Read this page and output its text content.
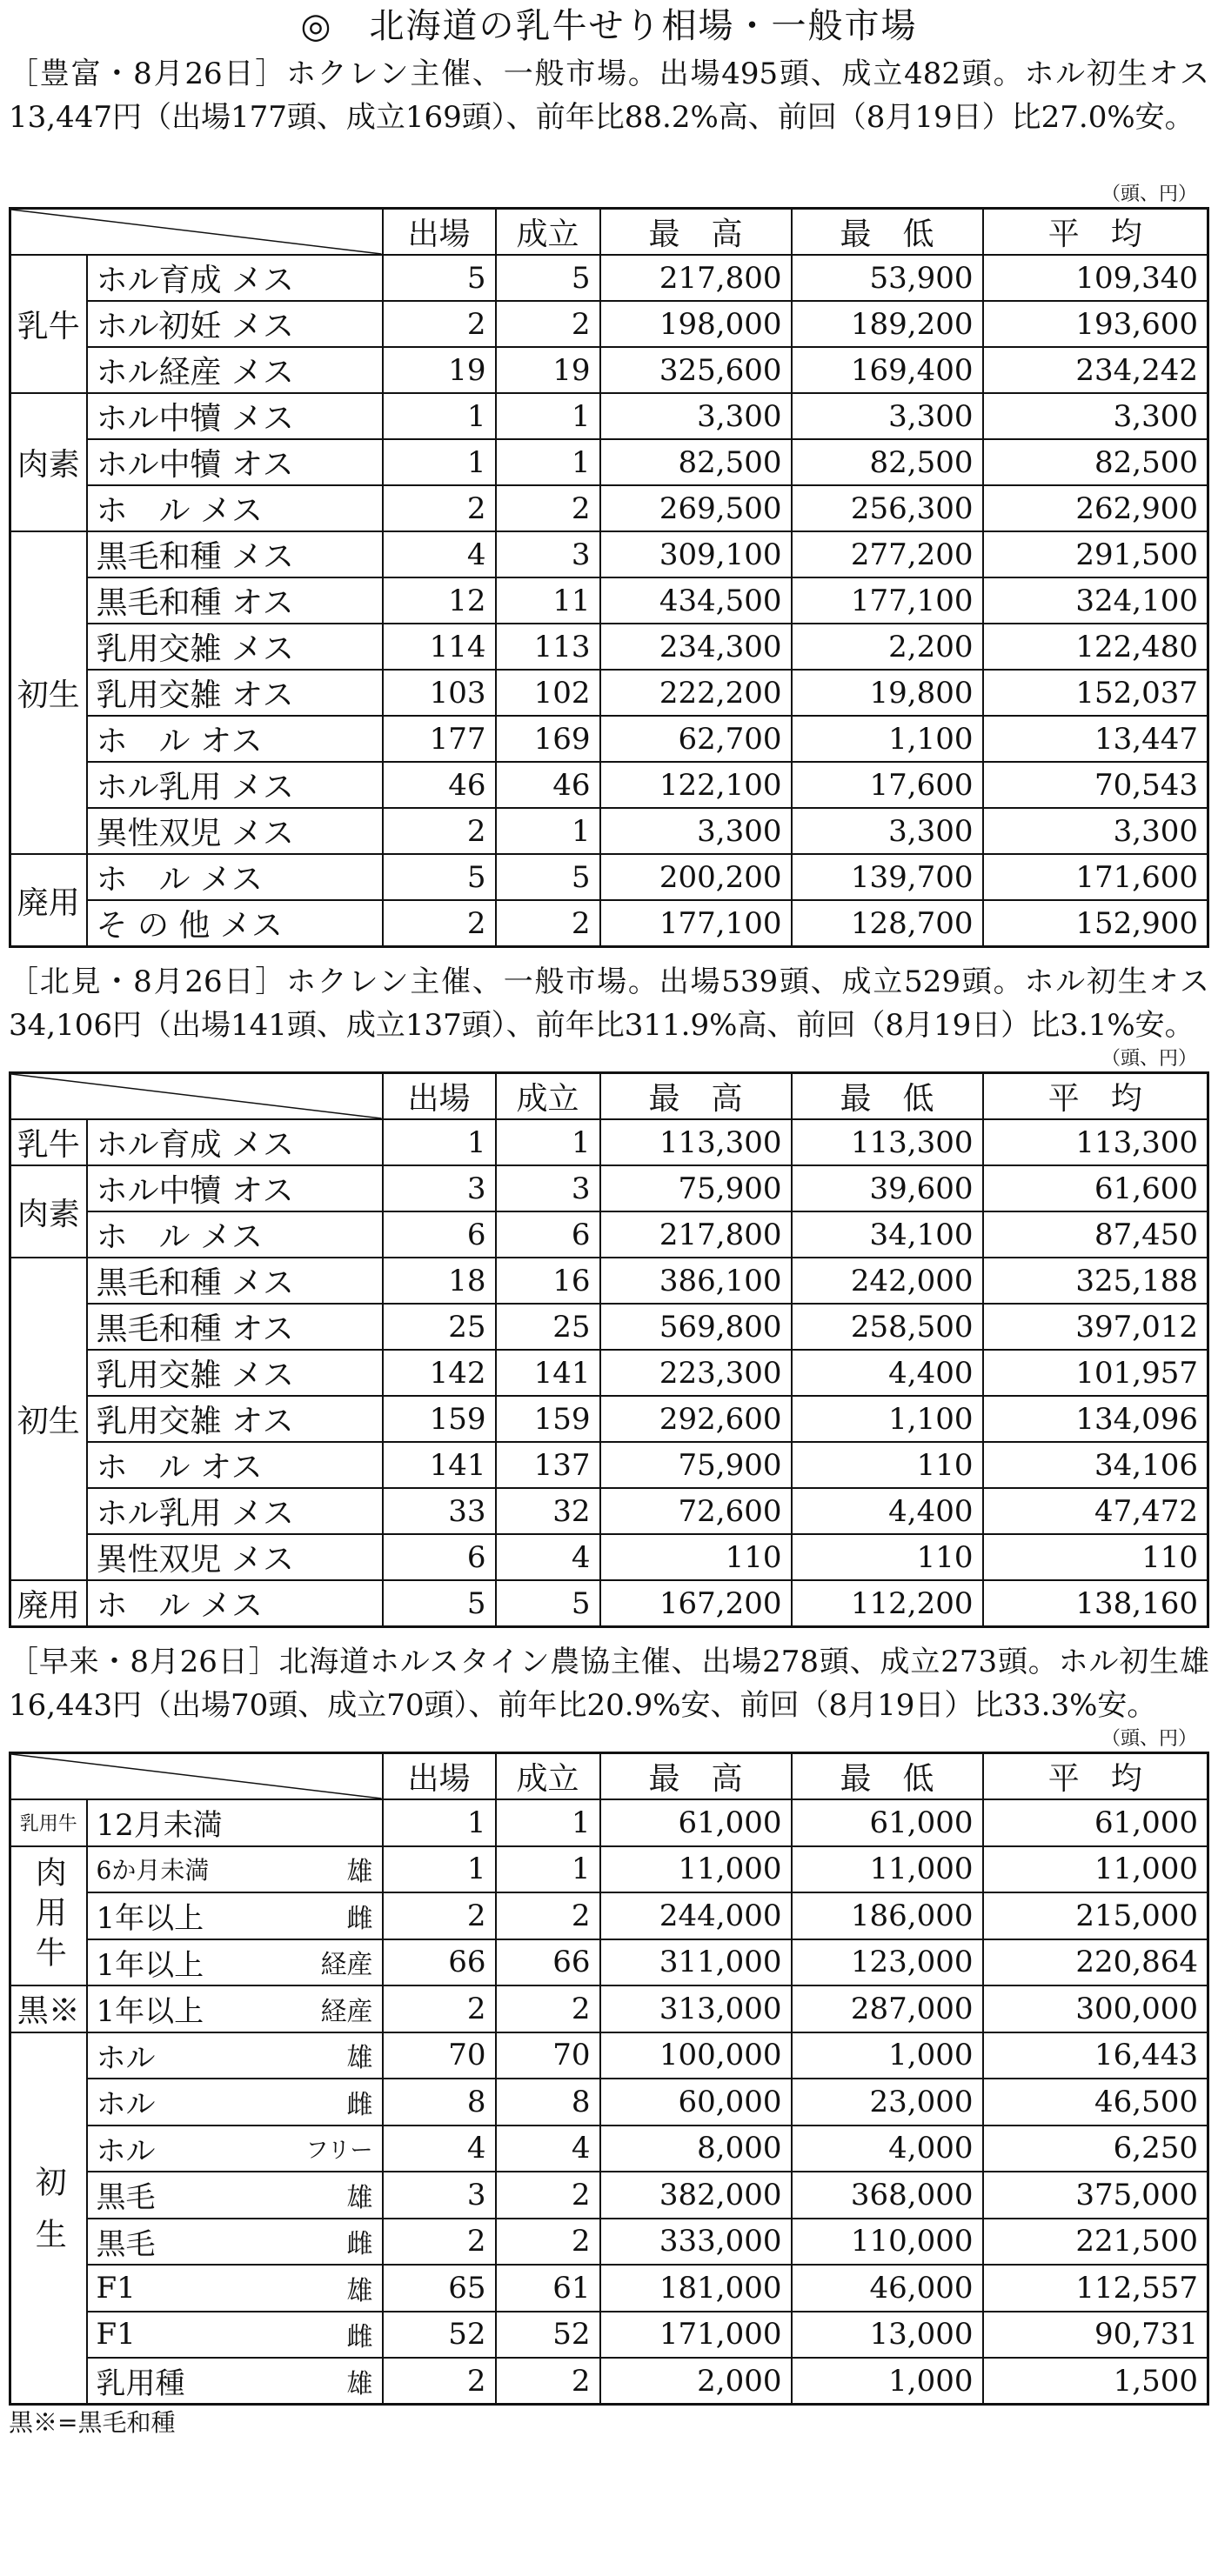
◎　北海道の乳牛せり相場・一般市場

［豊富・8月26日］ホクレン主催、一般市場。出場495頭、成立482頭。ホル初生オス13,447円（出場177頭、成立169頭）、前年比88.2%高、前回（8月19日）比27.0%安。

（頭、円）
	出場	成立	最　高	最　低	平　均
乳牛	ホル育成 メス	5	5	217,800	53,900	109,340
	ホル初妊 メス	2	2	198,000	189,200	193,600
	ホル経産 メス	19	19	325,600	169,400	234,242
肉素	ホル中犢 メス	1	1	3,300	3,300	3,300
	ホル中犢 オス	1	1	82,500	82,500	82,500
	ホ　ル メス	2	2	269,500	256,300	262,900
初生	黒毛和種 メス	4	3	309,100	277,200	291,500
	黒毛和種 オス	12	11	434,500	177,100	324,100
	乳用交雑 メス	114	113	234,300	2,200	122,480
	乳用交雑 オス	103	102	222,200	19,800	152,037
	ホ　ル オス	177	169	62,700	1,100	13,447
	ホル乳用 メス	46	46	122,100	17,600	70,543
	異性双児 メス	2	1	3,300	3,300	3,300
廃用	ホ　ル メス	5	5	200,200	139,700	171,600
	そ の 他 メス	2	2	177,100	128,700	152,900

［北見・8月26日］ホクレン主催、一般市場。出場539頭、成立529頭。ホル初生オス34,106円（出場141頭、成立137頭）、前年比311.9%高、前回（8月19日）比3.1%安。

（頭、円）
	出場	成立	最　高	最　低	平　均
乳牛	ホル育成 メス	1	1	113,300	113,300	113,300
肉素	ホル中犢 オス	3	3	75,900	39,600	61,600
	ホ　ル メス	6	6	217,800	34,100	87,450
初生	黒毛和種 メス	18	16	386,100	242,000	325,188
	黒毛和種 オス	25	25	569,800	258,500	397,012
	乳用交雑 メス	142	141	223,300	4,400	101,957
	乳用交雑 オス	159	159	292,600	1,100	134,096
	ホ　ル オス	141	137	75,900	110	34,106
	ホル乳用 メス	33	32	72,600	4,400	47,472
	異性双児 メス	6	4	110	110	110
廃用	ホ　ル メス	5	5	167,200	112,200	138,160

［早来・8月26日］北海道ホルスタイン農協主催、出場278頭、成立273頭。ホル初生雄16,443円（出場70頭、成立70頭）、前年比20.9%安、前回（8月19日）比33.3%安。

（頭、円）
	出場	成立	最　高	最　低	平　均
乳用牛	12月未満	1	1	61,000	61,000	61,000
肉用牛	6か月未満 雄	1	1	11,000	11,000	11,000

	1年以上 雌	2	2	244,000	186,000	215,000

	1年以上 経産	66	66	311,000	123,000	220,864
黒※	1年以上 経産	2	2	313,000	287,000	300,000
初生	ホル 雄	70	70	100,000	1,000	16,443

	ホル 雌	8	8	60,000	23,000	46,500

	ホル フリー	4	4	8,000	4,000	6,250

	黒毛 雄	3	2	382,000	368,000	375,000

	黒毛 雌	2	2	333,000	110,000	221,500

	F1 雄	65	61	181,000	46,000	112,557

	F1 雌	52	52	171,000	13,000	90,731

	乳用種 雄	2	2	2,000	1,000	1,500

黒※=黒毛和種
